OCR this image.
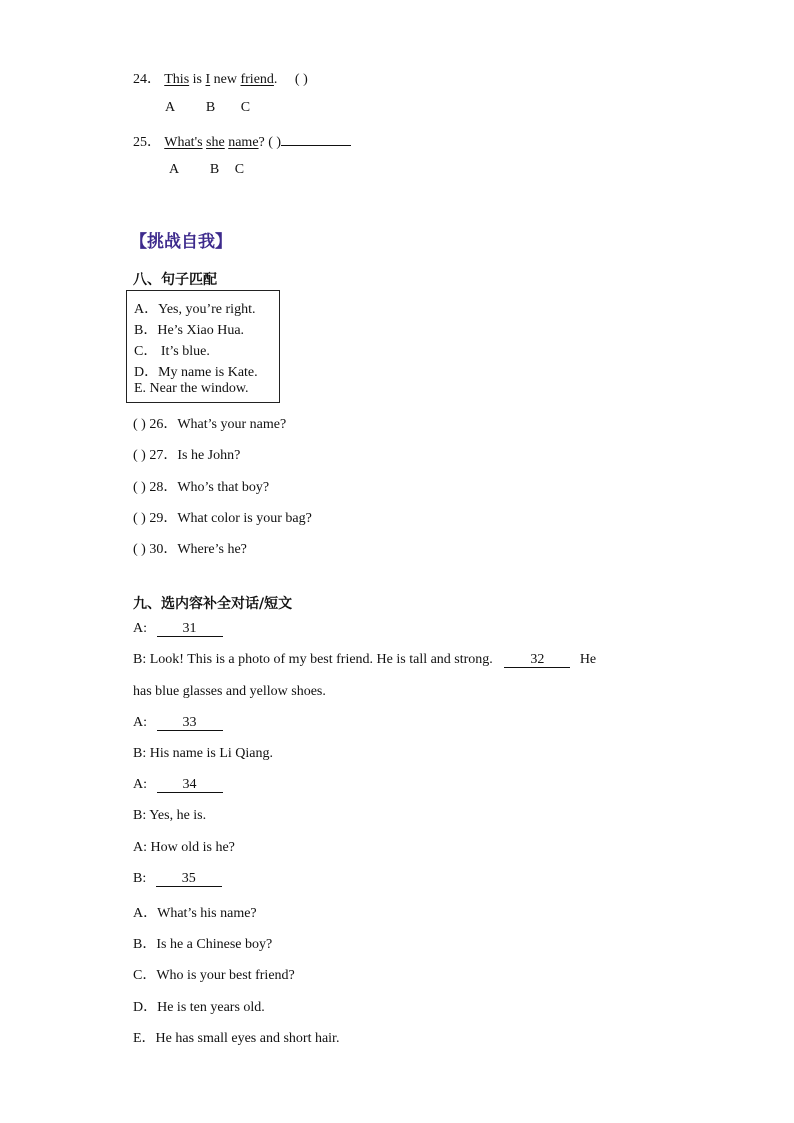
24． This is I new friend. ( )
A B C
25． What's she name? ( )
A B C
【挑战自我】
八、句子匹配
A．Yes, you’re right.
B．He’s Xiao Hua.
C． It’s blue.
D．My name is Kate.
E. Near the window.
( ) 26．What’s your name?
( ) 27．Is he John?
( ) 28．Who’s that boy?
( ) 29．What color is your bag?
( ) 30．Where’s he?
九、选内容补全对话/短文
A:	31
B: Look! This is a photo of my best friend. He is tall and strong.	32	He
has blue glasses and yellow shoes.
A:	33
B: His name is Li Qiang.
A:	34
B: Yes, he is.
A: How old is he?
B:	35
A．What’s his name?
B．Is he a Chinese boy?
C．Who is your best friend?
D．He is ten years old.
E．He has small eyes and short hair.
